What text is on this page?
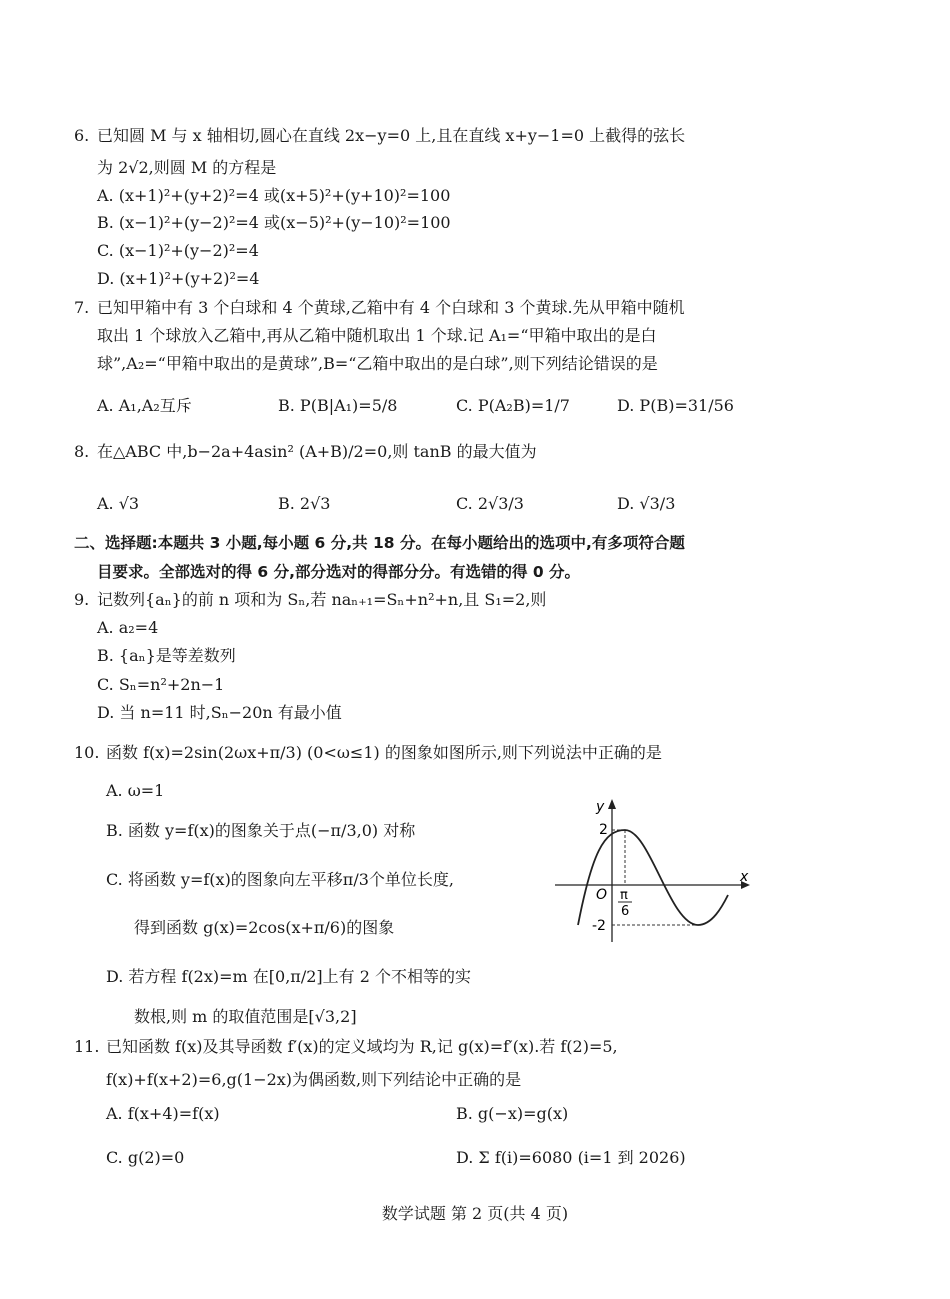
6. 已知圆 M 与 x 轴相切,圆心在直线 2x−y=0 上,且在直线 x+y−1=0 上截得的弦长
为 2√2,则圆 M 的方程是
A. (x+1)²+(y+2)²=4 或(x+5)²+(y+10)²=100
B. (x−1)²+(y−2)²=4 或(x−5)²+(y−10)²=100
C. (x−1)²+(y−2)²=4
D. (x+1)²+(y+2)²=4
7. 已知甲箱中有 3 个白球和 4 个黄球,乙箱中有 4 个白球和 3 个黄球.先从甲箱中随机
取出 1 个球放入乙箱中,再从乙箱中随机取出 1 个球.记 A₁=“甲箱中取出的是白
球”,A₂=“甲箱中取出的是黄球”,B=“乙箱中取出的是白球”,则下列结论错误的是
A. A₁,A₂互斥	B. P(B|A₁)=5/8	C. P(A₂B)=1/7	D. P(B)=31/56
8. 在△ABC 中,b−2a+4asin² (A+B)/2=0,则 tanB 的最大值为
A. √3	B. 2√3	C. 2√3/3	D. √3/3
二、选择题:本题共 3 小题,每小题 6 分,共 18 分。在每小题给出的选项中,有多项符合题
目要求。全部选对的得 6 分,部分选对的得部分分。有选错的得 0 分。
9. 记数列{aₙ}的前 n 项和为 Sₙ,若 naₙ₊₁=Sₙ+n²+n,且 S₁=2,则
A. a₂=4
B. {aₙ}是等差数列
C. Sₙ=n²+2n−1
D. 当 n=11 时,Sₙ−20n 有最小值
10. 函数 f(x)=2sin(2ωx+π/3) (0<ω≤1) 的图象如图所示,则下列说法中正确的是
A. ω=1
B. 函数 y=f(x)的图象关于点(−π/3,0) 对称
C. 将函数 y=f(x)的图象向左平移π/3个单位长度,
得到函数 g(x)=2cos(x+π/6)的图象
D. 若方程 f(2x)=m 在[0,π/2]上有 2 个不相等的实
数根,则 m 的取值范围是[√3,2]
y
x
O
2
-2
π
6
11. 已知函数 f(x)及其导函数 f′(x)的定义域均为 R,记 g(x)=f′(x).若 f(2)=5,
f(x)+f(x+2)=6,g(1−2x)为偶函数,则下列结论中正确的是
A. f(x+4)=f(x)	B. g(−x)=g(x)
C. g(2)=0	D. Σ f(i)=6080 (i=1 到 2026)
数学试题 第 2 页(共 4 页)
